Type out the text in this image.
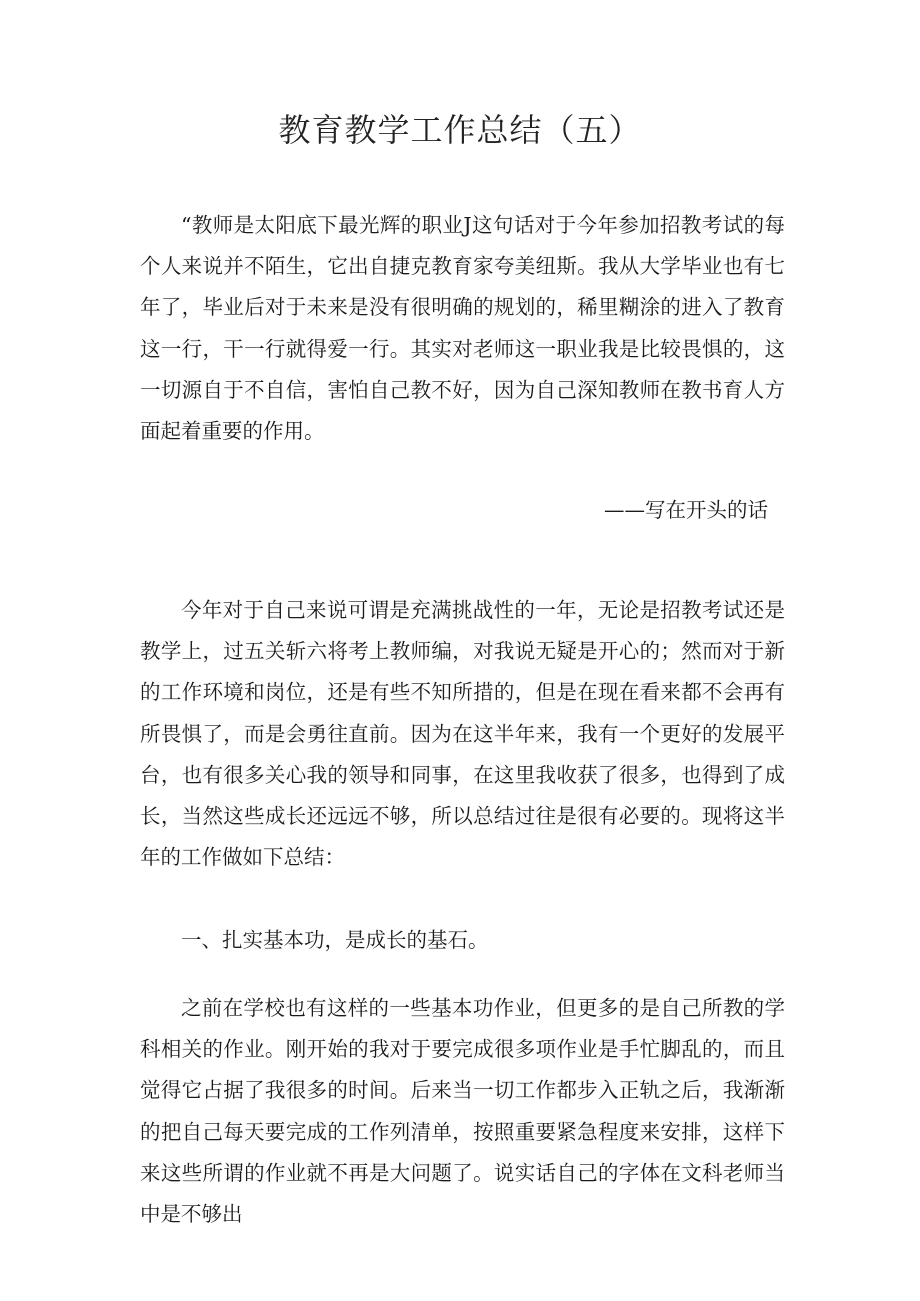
教育教学工作总结（五）

“教师是太阳底下最光辉的职业J这句话对于今年参加招教考试的每个人来说并不陌生，它出自捷克教育家夸美纽斯。我从大学毕业也有七年了，毕业后对于未来是没有很明确的规划的，稀里糊涂的进入了教育这一行，干一行就得爱一行。其实对老师这一职业我是比较畏惧的，这一切源自于不自信，害怕自己教不好，因为自己深知教师在教书育人方面起着重要的作用。

——写在开头的话

今年对于自己来说可谓是充满挑战性的一年，无论是招教考试还是教学上，过五关斩六将考上教师编，对我说无疑是开心的；然而对于新的工作环境和岗位，还是有些不知所措的，但是在现在看来都不会再有所畏惧了，而是会勇往直前。因为在这半年来，我有一个更好的发展平台，也有很多关心我的领导和同事，在这里我收获了很多，也得到了成长，当然这些成长还远远不够，所以总结过往是很有必要的。现将这半年的工作做如下总结：

一、扎实基本功，是成长的基石。

之前在学校也有这样的一些基本功作业，但更多的是自己所教的学科相关的作业。刚开始的我对于要完成很多项作业是手忙脚乱的，而且觉得它占据了我很多的时间。后来当一切工作都步入正轨之后，我渐渐的把自己每天要完成的工作列清单，按照重要紧急程度来安排，这样下来这些所谓的作业就不再是大问题了。说实话自己的字体在文科老师当中是不够出
